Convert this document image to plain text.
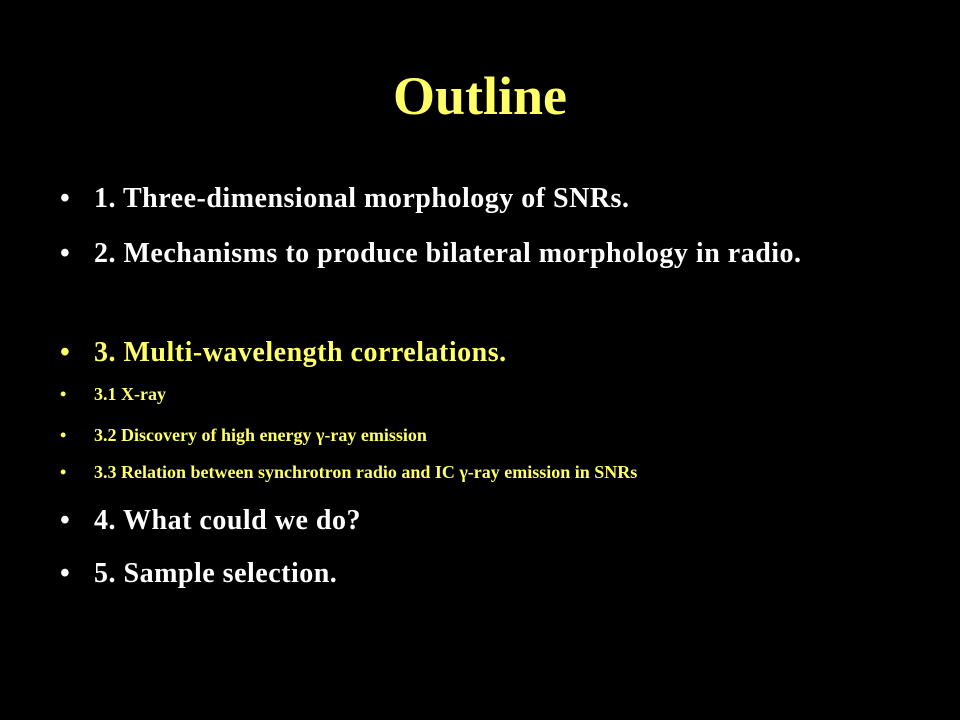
Outline
• 1. Three-dimensional morphology of SNRs.
• 2. Mechanisms to produce bilateral morphology in radio.
• 3. Multi-wavelength correlations.
• 3.1 X-ray
• 3.2 Discovery of high energy γ-ray emission
• 3.3 Relation between synchrotron radio and IC γ-ray emission in SNRs
• 4. What could we do?
• 5. Sample selection.
